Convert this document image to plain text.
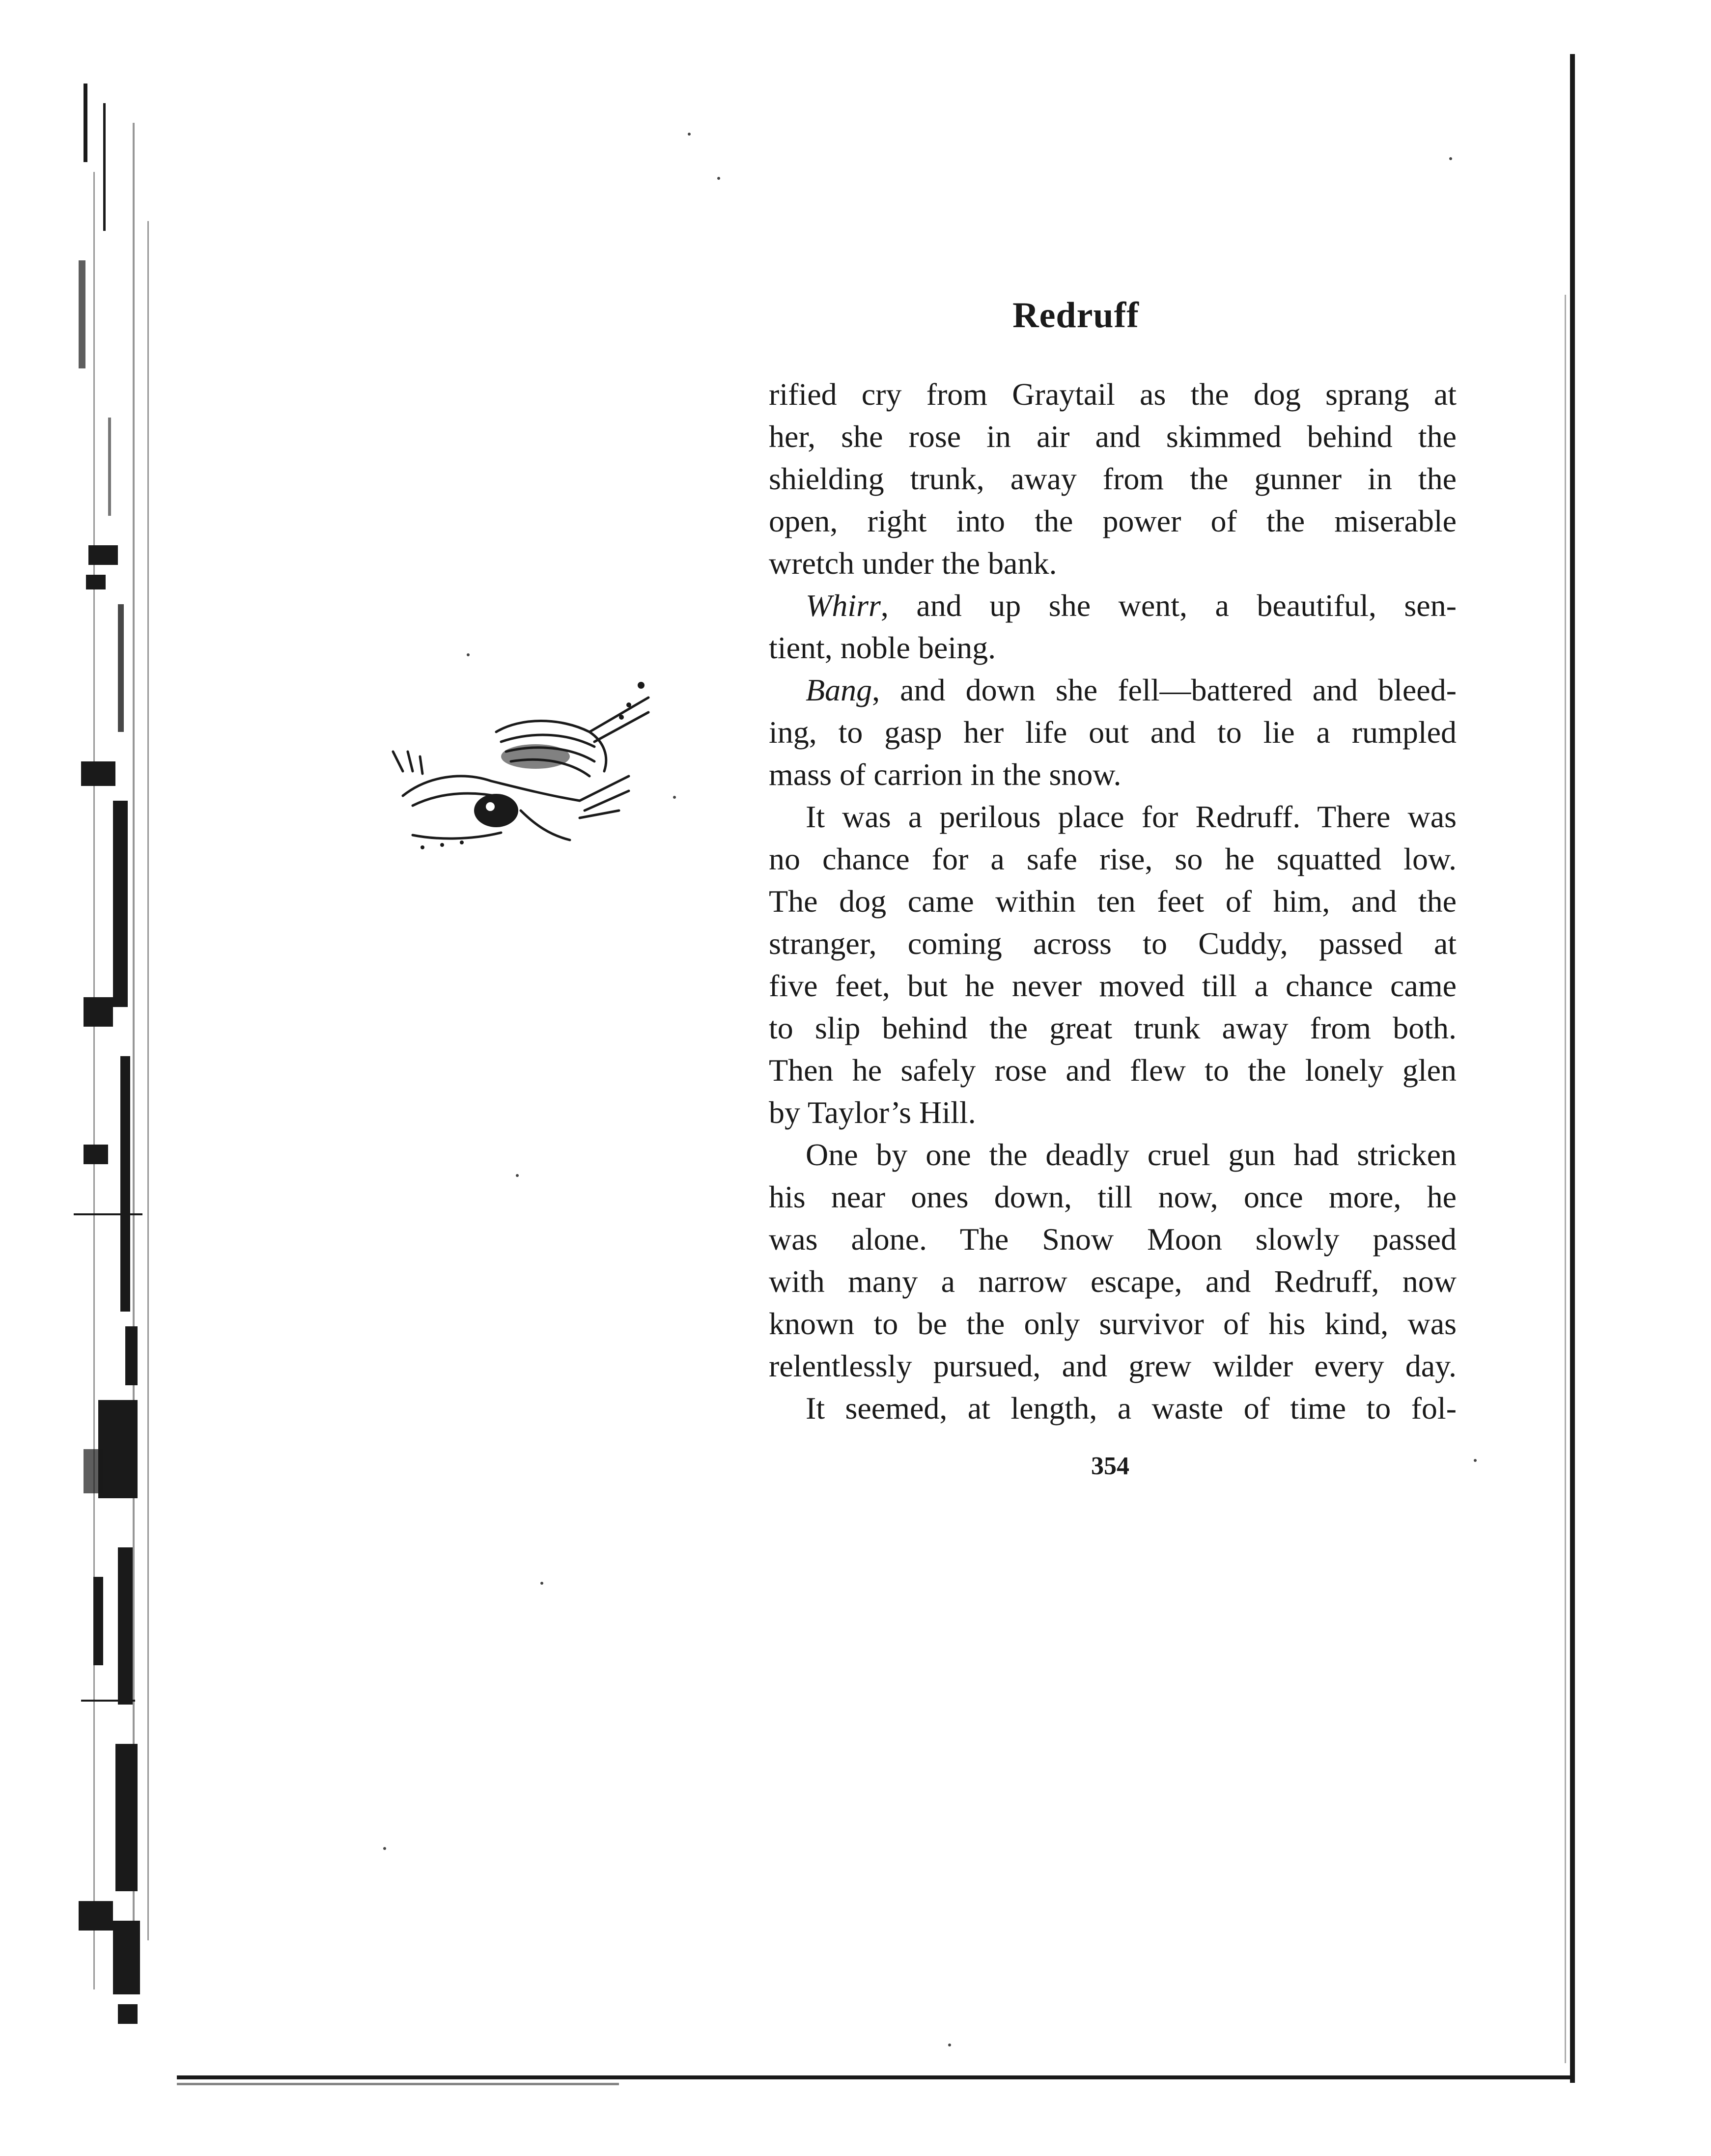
Redruff
rified cry from Graytail as the dog sprang at
her, she rose in air and skimmed behind the
shielding trunk, away from the gunner in the
open, right into the power of the miserable
wretch under the bank.
Whirr, and up she went, a beautiful, sen-
tient, noble being.
Bang, and down she fell—battered and bleed-
ing, to gasp her life out and to lie a rumpled
mass of carrion in the snow.
It was a perilous place for Redruff. There was
no chance for a safe rise, so he squatted low.
The dog came within ten feet of him, and the
stranger, coming across to Cuddy, passed at
five feet, but he never moved till a chance came
to slip behind the great trunk away from both.
Then he safely rose and flew to the lonely glen
by Taylor’s Hill.
One by one the deadly cruel gun had stricken
his near ones down, till now, once more, he
was alone. The Snow Moon slowly passed
with many a narrow escape, and Redruff, now
known to be the only survivor of his kind, was
relentlessly pursued, and grew wilder every day.
It seemed, at length, a waste of time to fol-
354
